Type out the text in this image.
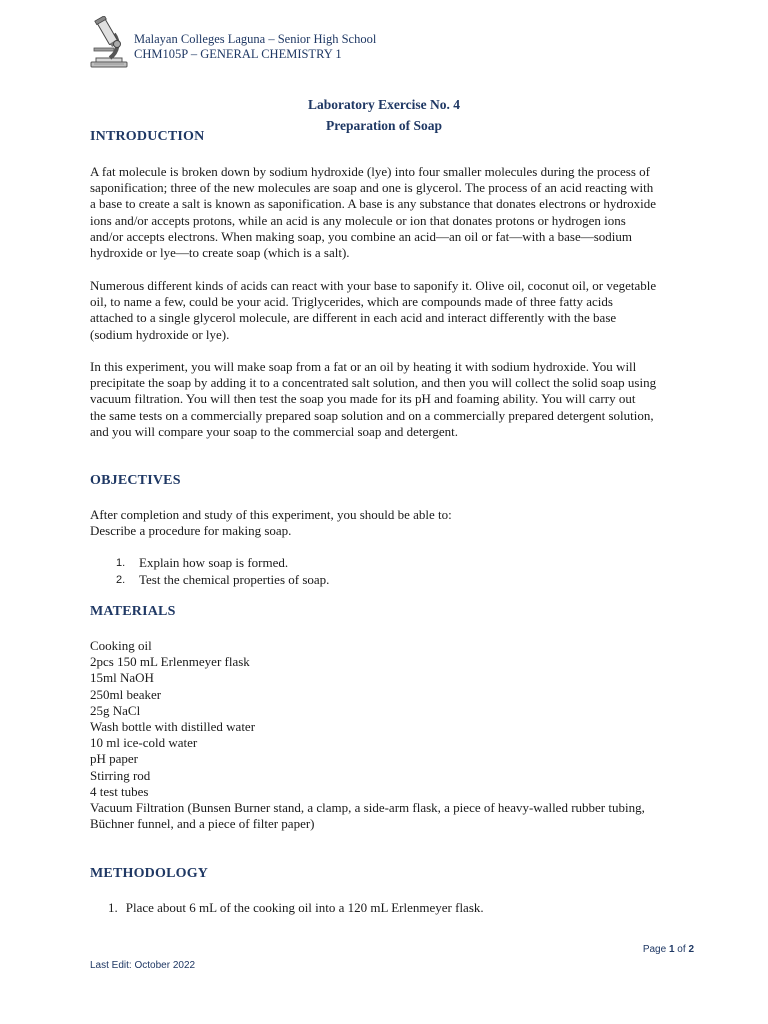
Malayan Colleges Laguna – Senior High School
CHM105P – GENERAL CHEMISTRY 1
Laboratory Exercise No. 4
Preparation of Soap
INTRODUCTION
A fat molecule is broken down by sodium hydroxide (lye) into four smaller molecules during the process of
saponification; three of the new molecules are soap and one is glycerol. The process of an acid reacting with
a base to create a salt is known as saponification. A base is any substance that donates electrons or hydroxide
ions and/or accepts protons, while an acid is any molecule or ion that donates protons or hydrogen ions
and/or accepts electrons. When making soap, you combine an acid—an oil or fat—with a base—sodium
hydroxide or lye—to create soap (which is a salt).
Numerous different kinds of acids can react with your base to saponify it. Olive oil, coconut oil, or vegetable
oil, to name a few, could be your acid. Triglycerides, which are compounds made of three fatty acids
attached to a single glycerol molecule, are different in each acid and interact differently with the base
(sodium hydroxide or lye).
In this experiment, you will make soap from a fat or an oil by heating it with sodium hydroxide. You will
precipitate the soap by adding it to a concentrated salt solution, and then you will collect the solid soap using
vacuum filtration. You will then test the soap you made for its pH and foaming ability. You will carry out
the same tests on a commercially prepared soap solution and on a commercially prepared detergent solution,
and you will compare your soap to the commercial soap and detergent.
OBJECTIVES
After completion and study of this experiment, you should be able to:
Describe a procedure for making soap.
1. Explain how soap is formed.
2. Test the chemical properties of soap.
MATERIALS
Cooking oil
2pcs 150 mL Erlenmeyer flask
15ml NaOH
250ml beaker
25g NaCl
Wash bottle with distilled water
10 ml ice-cold water
pH paper
Stirring rod
4 test tubes
Vacuum Filtration (Bunsen Burner stand, a clamp, a side-arm flask, a piece of heavy-walled rubber tubing,
Büchner funnel, and a piece of filter paper)
METHODOLOGY
1. Place about 6 mL of the cooking oil into a 120 mL Erlenmeyer flask.
Page 1 of 2
Last Edit: October 2022
